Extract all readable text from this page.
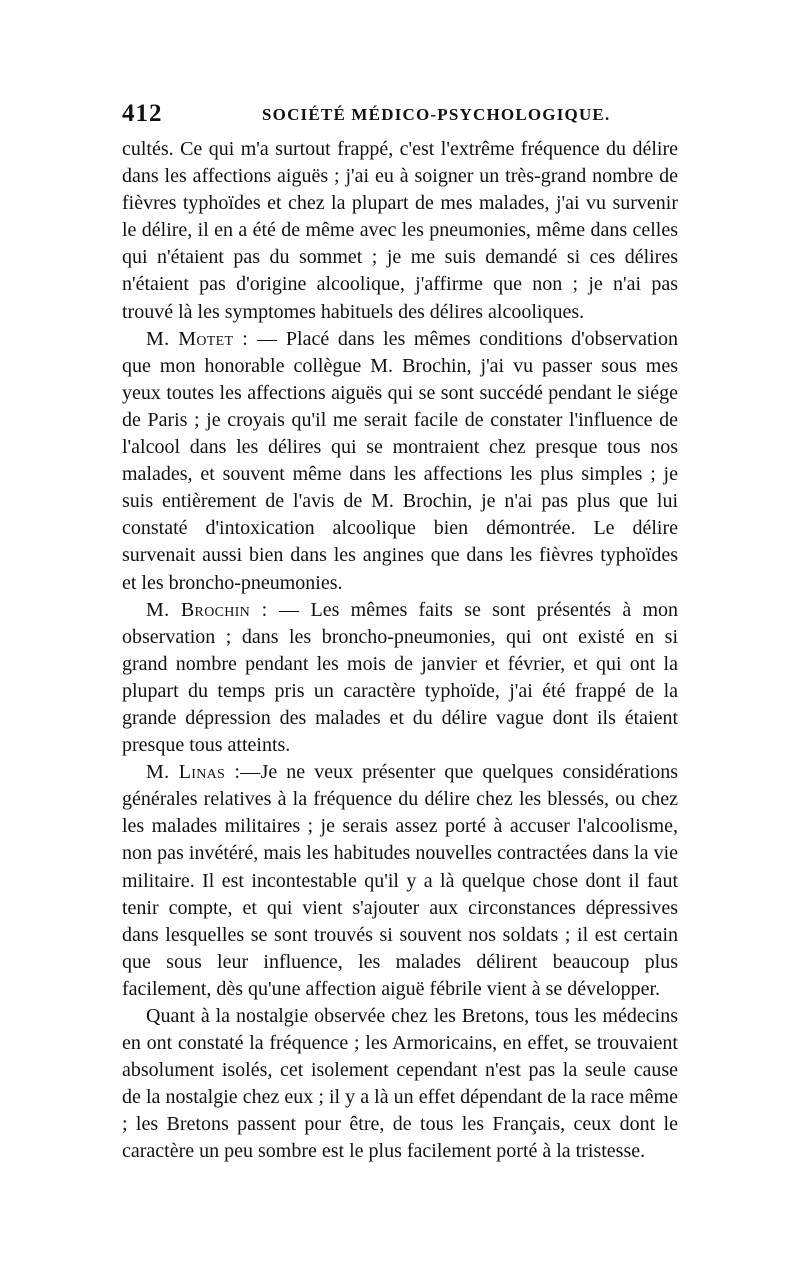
412	SOCIÉTÉ MÉDICO-PSYCHOLOGIQUE.

cultés. Ce qui m'a surtout frappé, c'est l'extrême fréquence du délire dans les affections aiguës ; j'ai eu à soigner un très-grand nombre de fièvres typhoïdes et chez la plupart de mes malades, j'ai vu survenir le délire, il en a été de même avec les pneumonies, même dans celles qui n'étaient pas du sommet ; je me suis demandé si ces délires n'étaient pas d'origine alcoolique, j'affirme que non ; je n'ai pas trouvé là les symptomes habituels des délires alcooliques.

M. Motet : — Placé dans les mêmes conditions d'observation que mon honorable collègue M. Brochin, j'ai vu passer sous mes yeux toutes les affections aiguës qui se sont succédé pendant le siége de Paris ; je croyais qu'il me serait facile de constater l'influence de l'alcool dans les délires qui se montraient chez presque tous nos malades, et souvent même dans les affections les plus simples ; je suis entièrement de l'avis de M. Brochin, je n'ai pas plus que lui constaté d'intoxication alcoolique bien démontrée. Le délire survenait aussi bien dans les angines que dans les fièvres typhoïdes et les broncho-pneumonies.

M. Brochin : — Les mêmes faits se sont présentés à mon observation ; dans les broncho-pneumonies, qui ont existé en si grand nombre pendant les mois de janvier et février, et qui ont la plupart du temps pris un caractère typhoïde, j'ai été frappé de la grande dépression des malades et du délire vague dont ils étaient presque tous atteints.

M. Linas :—Je ne veux présenter que quelques considérations générales relatives à la fréquence du délire chez les blessés, ou chez les malades militaires ; je serais assez porté à accuser l'alcoolisme, non pas invétéré, mais les habitudes nouvelles contractées dans la vie militaire. Il est incontestable qu'il y a là quelque chose dont il faut tenir compte, et qui vient s'ajouter aux circonstances dépressives dans lesquelles se sont trouvés si souvent nos soldats ; il est certain que sous leur influence, les malades délirent beaucoup plus facilement, dès qu'une affection aiguë fébrile vient à se développer.

Quant à la nostalgie observée chez les Bretons, tous les médecins en ont constaté la fréquence ; les Armoricains, en effet, se trouvaient absolument isolés, cet isolement cependant n'est pas la seule cause de la nostalgie chez eux ; il y a là un effet dépendant de la race même ; les Bretons passent pour être, de tous les Français, ceux dont le caractère un peu sombre est le plus facilement porté à la tristesse.
